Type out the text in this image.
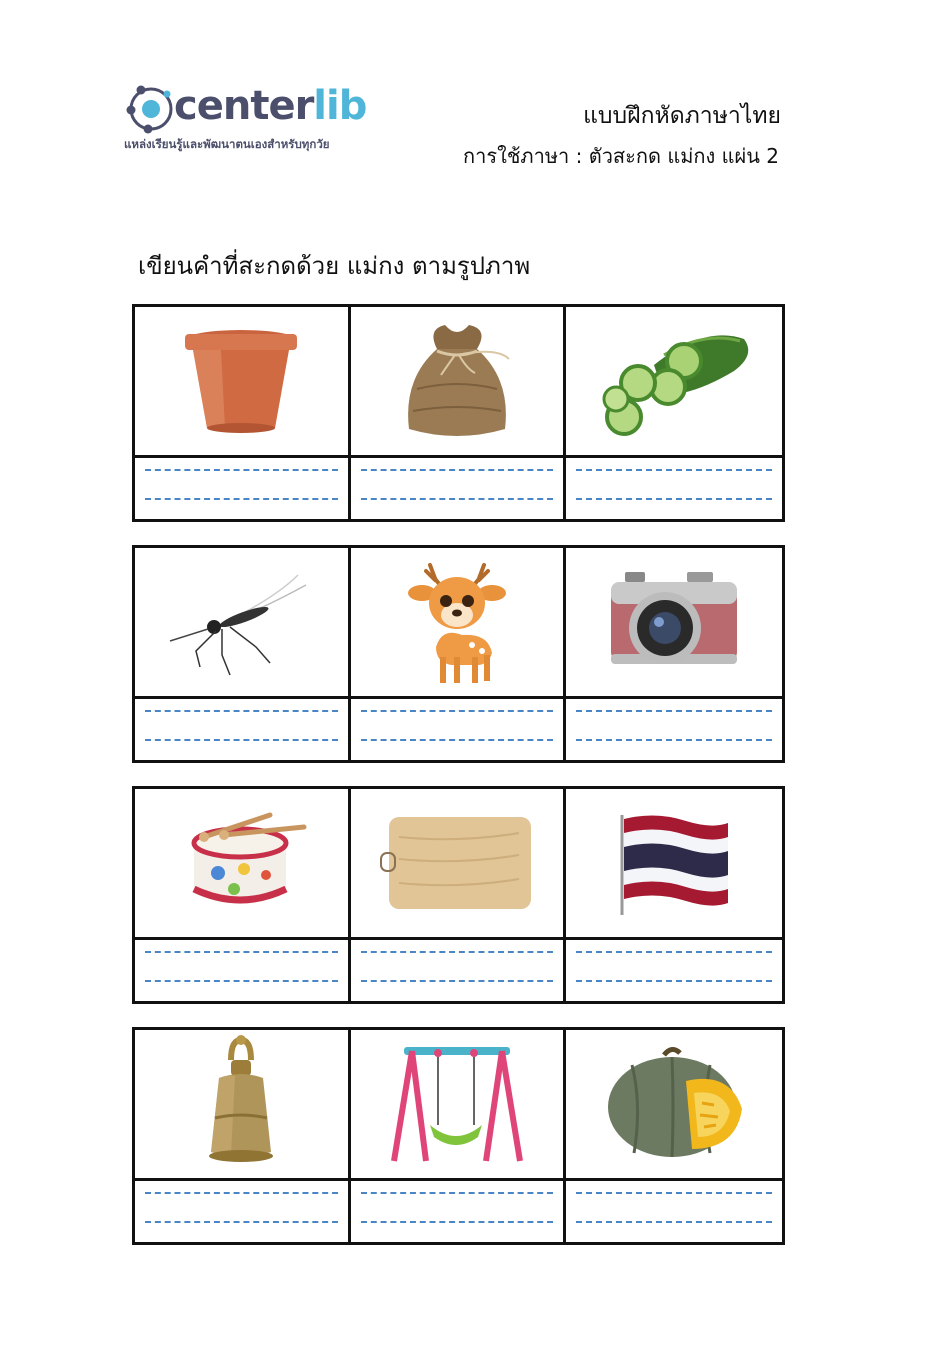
centerlib
แหล่งเรียนรู้และพัฒนาตนเองสำหรับทุกวัย
แบบฝึกหัดภาษาไทย
การใช้ภาษา : ตัวสะกด แม่กง แผ่น 2
เขียนคำที่สะกดด้วย แม่กง ตามรูปภาพ
